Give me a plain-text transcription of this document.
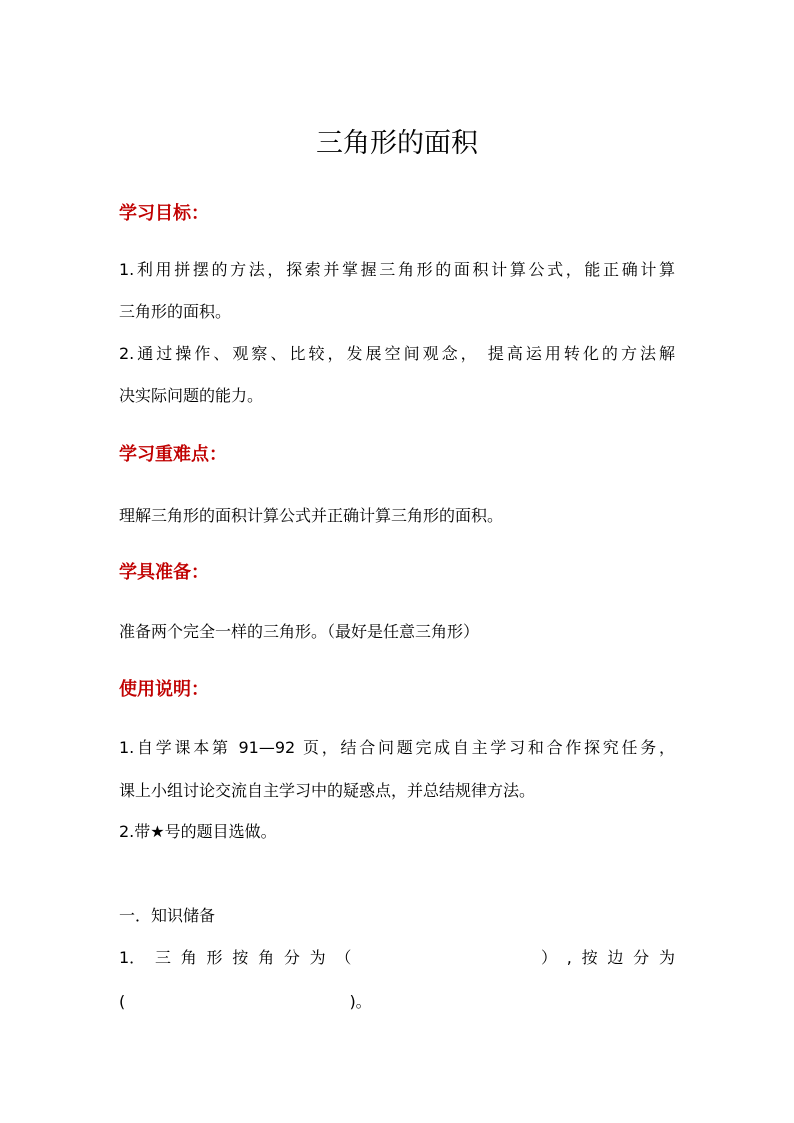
三角形的面积
学习目标：
1.利用拼摆的方法，探索并掌握三角形的面积计算公式，能正确计算
三角形的面积。
2.通过操作、观察、比较，发展空间观念， 提高运用转化的方法解
决实际问题的能力。
学习重难点：
理解三角形的面积计算公式并正确计算三角形的面积。
学具准备：
准备两个完全一样的三角形。（最好是任意三角形）
使用说明：
1.自学课本第 91—92 页，结合问题完成自主学习和合作探究任务，
课上小组讨论交流自主学习中的疑惑点，并总结规律方法。
2.带★号的题目选做。
一．知识储备
1． 三 角 形 按 角 分 为 （	） , 按 边 分 为
(	)。
